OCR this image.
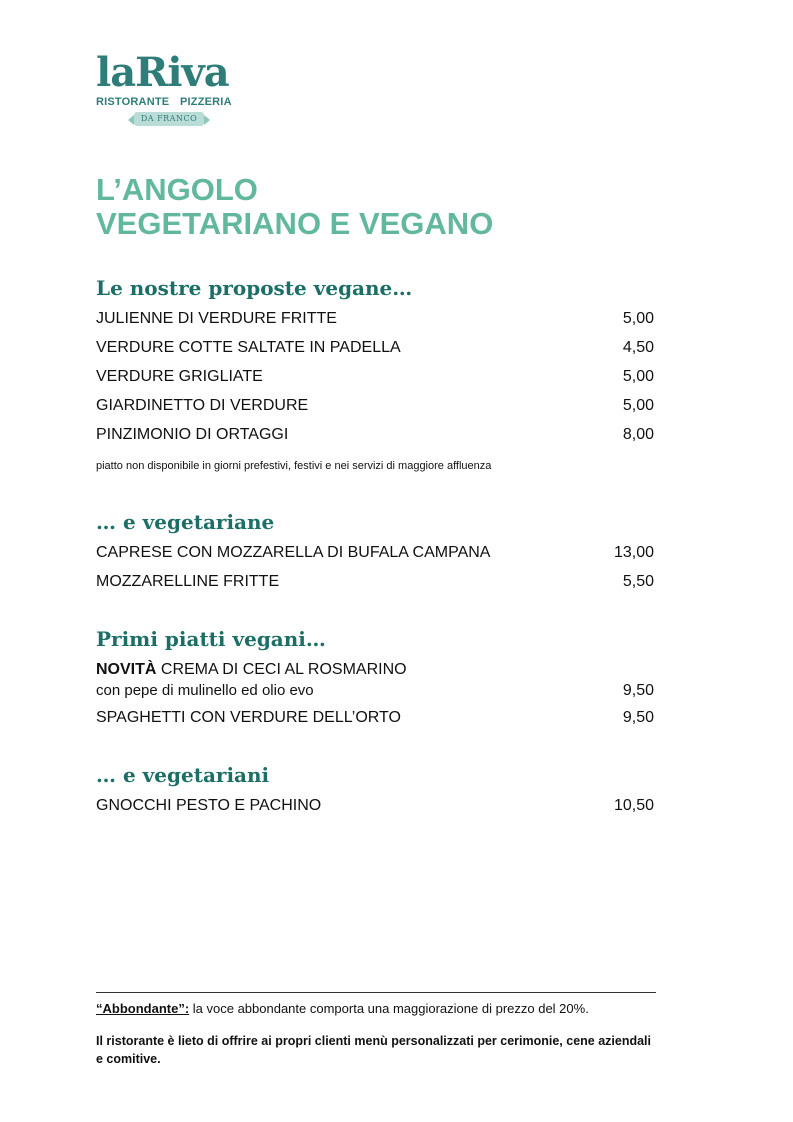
laRiva
RISTORANTE PIZZERIA
DA FRANCO
L’ANGOLO
VEGETARIANO E VEGANO
Le nostre proposte vegane…
JULIENNE DI VERDURE FRITTE	5,00
VERDURE COTTE SALTATE IN PADELLA	4,50
VERDURE GRIGLIATE	5,00
GIARDINETTO DI VERDURE	5,00
PINZIMONIO DI ORTAGGI	8,00
piatto non disponibile in giorni prefestivi, festivi e nei servizi di maggiore affluenza
… e vegetariane
CAPRESE CON MOZZARELLA DI BUFALA CAMPANA	13,00
MOZZARELLINE FRITTE	5,50
Primi piatti vegani…
NOVITÀ CREMA DI CECI AL ROSMARINO
con pepe di mulinello ed olio evo	9,50
SPAGHETTI CON VERDURE DELL’ORTO	9,50
… e vegetariani
GNOCCHI PESTO E PACHINO	10,50
“Abbondante”: la voce abbondante comporta una maggiorazione di prezzo del 20%.
Il ristorante è lieto di offrire ai propri clienti menù personalizzati per cerimonie, cene aziendali e comitive.
